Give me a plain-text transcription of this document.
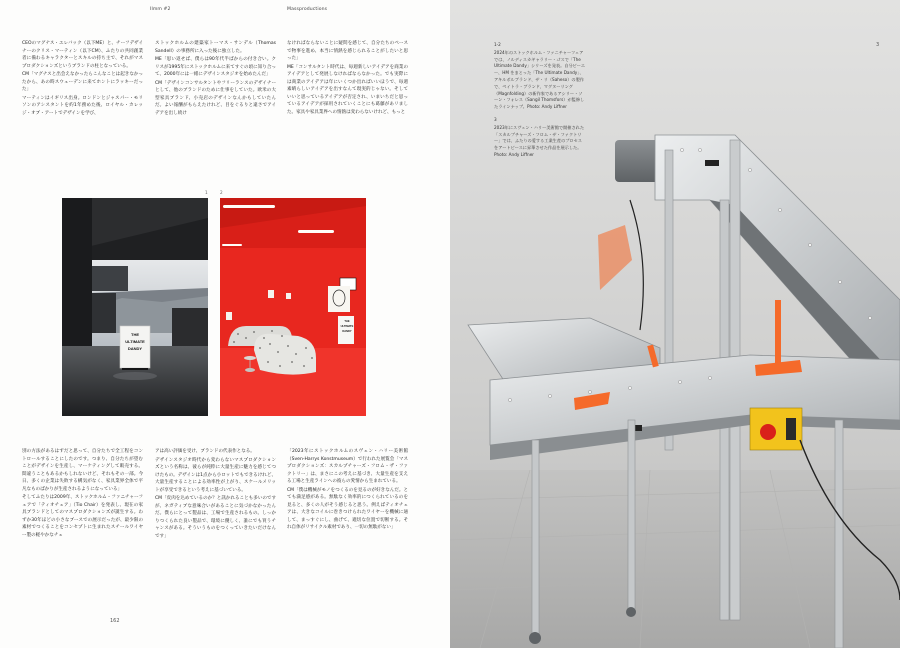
Ilmm #2	Massproductions

CEOのマグナス・エレバック（以下ME）と、チーフデザイナーのクリス・マーティン（以下CM）、ふたりの共同創業者に備わるキャラクターとスキルの持ち主で、それがマスプロダクションズというブランドの柱となっている。

CM「マグナスと出会えなかったらこんなことは起きなかったから、あの時スウェーデンに来てホントにラッキーだった」

マーティンはイギリス出身。ロンドンとジャスパー・モリソンのアシスタントを約1年務めた後、ロイヤル・カレッジ・オブ・アートでデザインを学び、

ストックホルムの建築家トーマス・サンデル（Thomas Sandell）の事務所に入った後に独立した。

ME「思い返せば、僕らは90年代半ばからの付き合い。クリスが1995年にストックホルムに来てすぐの頃に知り合って、2000年には一緒にデザインスタジオを始めたんだ」

CM「デザインコンサルタントやフリーランスのデザイナーとして、他のブランドのために仕事をしていた。欧米の大型家具ブランド、小売店のデザインなんかもしていたんだ。よい報酬がもらえたけれど、目をぐるりと遠さでアイデアを出し続け

なければならないことに疑問を感じて、自分たちのペースで物事を進め、本当に情熱を感じられることがしたいと思った」

ME「コンサルタント時代は、毎週新しいアイデアを商業のアイデアとして発展しなければならなかった。でも実際には商業のアイデアは年にいくつか出ればいいほうで、毎週素晴らしいアイデアを出すなんて現実的じゃない。そしていいと思っているアイデアが否定され、いまいちだと思っているアイデアが採用されていくことにも葛藤があリました。家具や家具業界への情熱は変わらないけれど、もっと

1	2
THE
ULTIMATE
DANDY
THE
ULTIMATE
DANDY

別の方法があるはずだと思って、自分たちで全工程をコントロールすることにしたのです。つまり、自分たちが望むことがデザインを生産し、マーケティングして販売する。間違うこともあるかもしれないけど、それもその一部。今日、多くの企業は失敗する構気がなく、家具業界全体で平凡なものばかりが生産されるようになっている」

そしてふたりは2009年、ストックホルム・ファニチャーフェアで「ティオチェア」（Tio Chair）を発表し、現在の家具ブランドとしてのマスプロダクションズが誕生する。わずか30年ほどの小さなブースでの展示だったが、最少限の素材でつくることをコンセプトに生まれたスチールワイヤー製の軽やかなチェ

アは高い評価を受け、ブランドの代表作となる。

デザインスタジオ時代から変わらないマスプロダクションズという名称は、彼らが純粋に大量生産に魅力を感じてつけたもの。デザインは1点から小ロットでもできるけれど、大量生産することによる効率性が上がり、スケールメリットが享受できるという考えに基づいている。

CM「皮肉を込めているのか？と訊かれることも多いのですが、ネガティブな意味合いがあることに気づかなかったんだ。僕らにとって製品は、工場で生産されるもの。しっかりつくられた良い製品で、環境に優しく、誰にでも買うチャンスがある。そういうものをつくっていきたいだけなんです」

「2023年にストックホルムのスヴェン・ハリー美術館（Sven-Harrys Konstmuseum）で行われた展覧会「マスプロダクションズ：スカルプチャーズ・フロム・ザ・ファクトリー」は、まさにこの考えに基づき、大量生産を支える工場と生産ラインへの彼らの愛情から生まれている。

CM「僕は機械がモノをつくるのを見るのが好きなんだ。とても満足感がある。無駄なく効率的につくられているのを見ると、多くの人がそう感じると思う。例えばティオチェアは、大きなコイルに巻きつけられたワイヤーを機械に通して、まっすぐにし、曲げて、適切な位置で切断する。それ自体がリサイクル素材であり、一切の無駄がない」

162
3

1-2
2024年のストックホルム・ファニチャーフェアでは、ノルディスカギャラリー・ゴスで「The Ultimate Dandy」シリーズを発表。自分ビーエー、HM をまとった「The Ultimate Dandy」、アキルボルブランド、ザ・リ（Saheso）の製作で、ペイトラ・ブランド、マグヌーリング（Magnfolding）の新作家であるアシリー・ソーン・フォレス（Sangil Thomsfors）が監修したラインナップ。Photo: Andy Liffner

3
2023年にスヴェン・ハリー美術館で開催された「スカルプチャーズ・フロム・ザ・ファクトリー」では、ふたりの愛する工業生産のプロセスをアートピースに昇華させた作品を展示した。Photo: Andy Liffner
